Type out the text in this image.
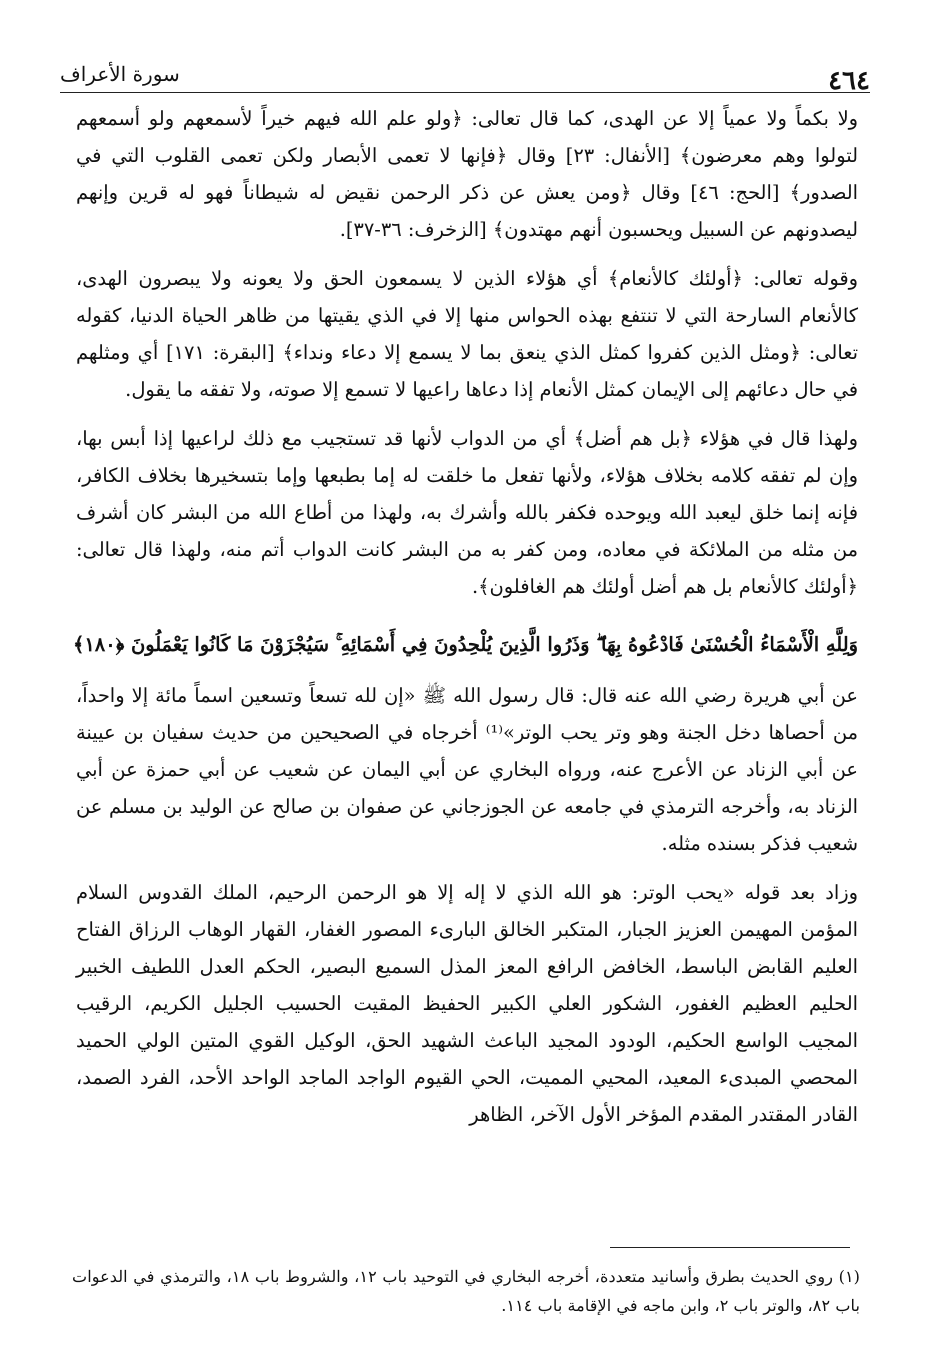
سورة الأعراف	٤٦٤

ولا بكماً ولا عمياً إلا عن الهدى، كما قال تعالى: ﴿ولو علم الله فيهم خيراً لأسمعهم ولو أسمعهم لتولوا وهم معرضون﴾ [الأنفال: ٢٣] وقال ﴿فإنها لا تعمى الأبصار ولكن تعمى القلوب التي في الصدور﴾ [الحج: ٤٦] وقال ﴿ومن يعش عن ذكر الرحمن نقيض له شيطاناً فهو له قرين وإنهم ليصدونهم عن السبيل ويحسبون أنهم مهتدون﴾ [الزخرف: ٣٦-٣٧].

وقوله تعالى: ﴿أولئك كالأنعام﴾ أي هؤلاء الذين لا يسمعون الحق ولا يعونه ولا يبصرون الهدى، كالأنعام السارحة التي لا تنتفع بهذه الحواس منها إلا في الذي يقيتها من ظاهر الحياة الدنيا، كقوله تعالى: ﴿ومثل الذين كفروا كمثل الذي ينعق بما لا يسمع إلا دعاء ونداء﴾ [البقرة: ١٧١] أي ومثلهم في حال دعائهم إلى الإيمان كمثل الأنعام إذا دعاها راعيها لا تسمع إلا صوته، ولا تفقه ما يقول.

ولهذا قال في هؤلاء ﴿بل هم أضل﴾ أي من الدواب لأنها قد تستجيب مع ذلك لراعيها إذا أبس بها، وإن لم تفقه كلامه بخلاف هؤلاء، ولأنها تفعل ما خلقت له إما بطبعها وإما بتسخيرها بخلاف الكافر، فإنه إنما خلق ليعبد الله ويوحده فكفر بالله وأشرك به، ولهذا من أطاع الله من البشر كان أشرف من مثله من الملائكة في معاده، ومن كفر به من البشر كانت الدواب أتم منه، ولهذا قال تعالى: ﴿أولئك كالأنعام بل هم أضل أولئك هم الغافلون﴾.

وَلِلَّهِ الْأَسْمَاءُ الْحُسْنَىٰ فَادْعُوهُ بِهَا ۖ وَذَرُوا الَّذِينَ يُلْحِدُونَ فِي أَسْمَائِهِ ۚ سَيُجْزَوْنَ مَا كَانُوا يَعْمَلُونَ ﴿١٨٠﴾

عن أبي هريرة رضي الله عنه قال: قال رسول الله ﷺ «إن لله تسعاً وتسعين اسماً مائة إلا واحداً، من أحصاها دخل الجنة وهو وتر يحب الوتر»⁽¹⁾ أخرجاه في الصحيحين من حديث سفيان بن عيينة عن أبي الزناد عن الأعرج عنه، ورواه البخاري عن أبي اليمان عن شعيب عن أبي حمزة عن أبي الزناد به، وأخرجه الترمذي في جامعه عن الجوزجاني عن صفوان بن صالح عن الوليد بن مسلم عن شعيب فذكر بسنده مثله.

وزاد بعد قوله «يحب الوتر: هو الله الذي لا إله إلا هو الرحمن الرحيم، الملك القدوس السلام المؤمن المهيمن العزيز الجبار، المتكبر الخالق البارىء المصور الغفار، القهار الوهاب الرزاق الفتاح العليم القابض الباسط، الخافض الرافع المعز المذل السميع البصير، الحكم العدل اللطيف الخبير الحليم العظيم الغفور، الشكور العلي الكبير الحفيظ المقيت الحسيب الجليل الكريم، الرقيب المجيب الواسع الحكيم، الودود المجيد الباعث الشهيد الحق، الوكيل القوي المتين الولي الحميد المحصي المبدىء المعيد، المحيي المميت، الحي القيوم الواجد الماجد الواحد الأحد، الفرد الصمد، القادر المقتدر المقدم المؤخر الأول الآخر، الظاهر

(١) روي الحديث بطرق وأسانيد متعددة، أخرجه البخاري في التوحيد باب ١٢، والشروط باب ١٨، والترمذي في الدعوات باب ٨٢، والوتر باب ٢، وابن ماجه في الإقامة باب ١١٤.
